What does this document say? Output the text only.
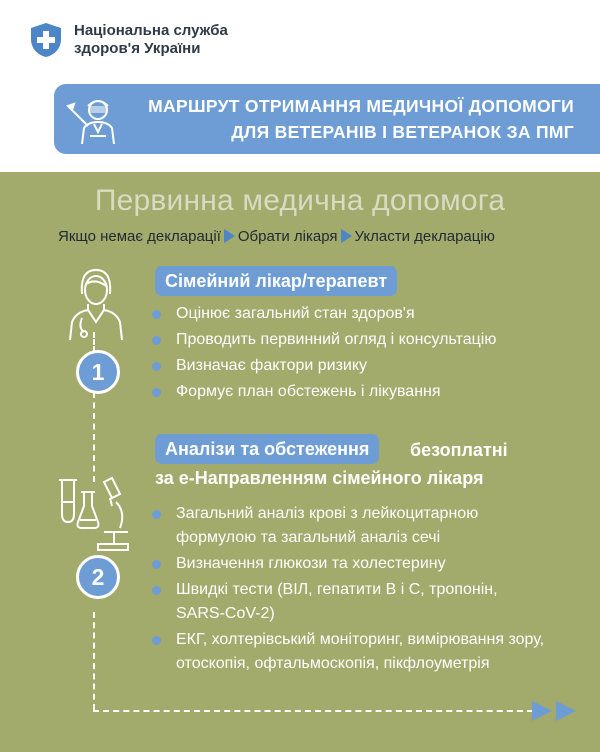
Національна служба
здоров'я України
МАРШРУТ ОТРИМАННЯ МЕДИЧНОЇ ДОПОМОГИ
ДЛЯ ВЕТЕРАНІВ І ВЕТЕРАНОК ЗА ПМГ
Первинна медична допомога
Якщо немає декларації Обрати лікаря Укласти декларацію
1
Сімейний лікар/терапевт
Оцінює загальний стан здоров'я
Проводить первинний огляд і консультацію
Визначає фактори ризику
Формує план обстежень і лікування
2
Аналізи та обстеження	безоплатні
за е-Направленням сімейного лікаря
Загальний аналіз крові з лейкоцитарною формулою та загальний аналіз сечі
Визначення глюкози та холестерину
Швидкі тести (ВІЛ, гепатити В і С, тропонін, SARS-CoV-2)
ЕКГ, холтерівський моніторинг, вимірювання зору, отоскопія, офтальмоскопія, пікфлоуметрія
